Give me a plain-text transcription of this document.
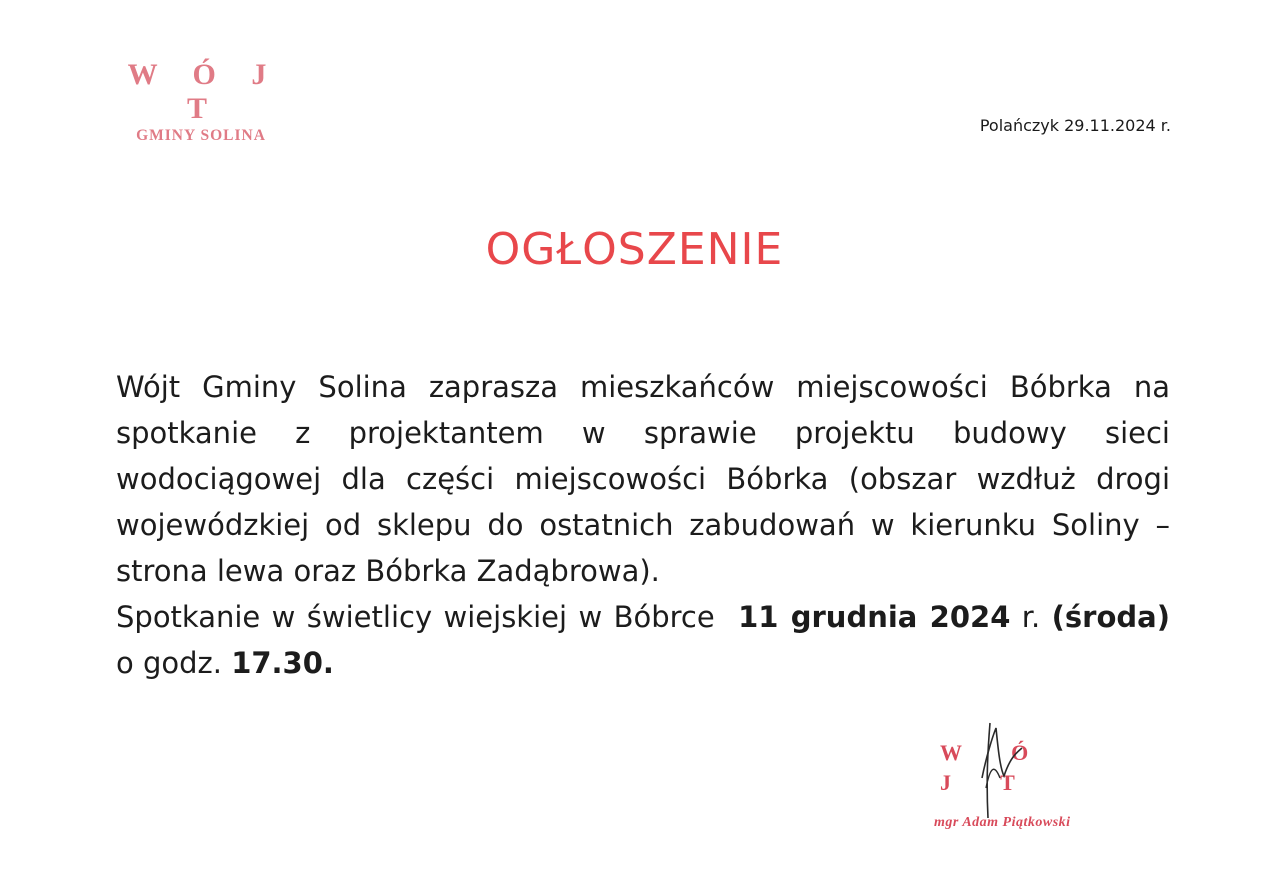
W Ó J T
GMINY SOLINA
Polańczyk 29.11.2024 r.
OGŁOSZENIE

Wójt Gminy Solina zaprasza mieszkańców miejscowości Bóbrka na spotkanie z projektantem w sprawie projektu budowy sieci wodociągowej dla części miejscowości Bóbrka (obszar wzdłuż drogi wojewódzkiej od sklepu do ostatnich zabudowań w kierunku Soliny – strona lewa oraz Bóbrka Zadąbrowa).

Spotkanie w świetlicy wiejskiej w Bóbrce 11 grudnia 2024 r. (środa) o godz. 17.30.

W Ó J T
mgr Adam Piątkowski
